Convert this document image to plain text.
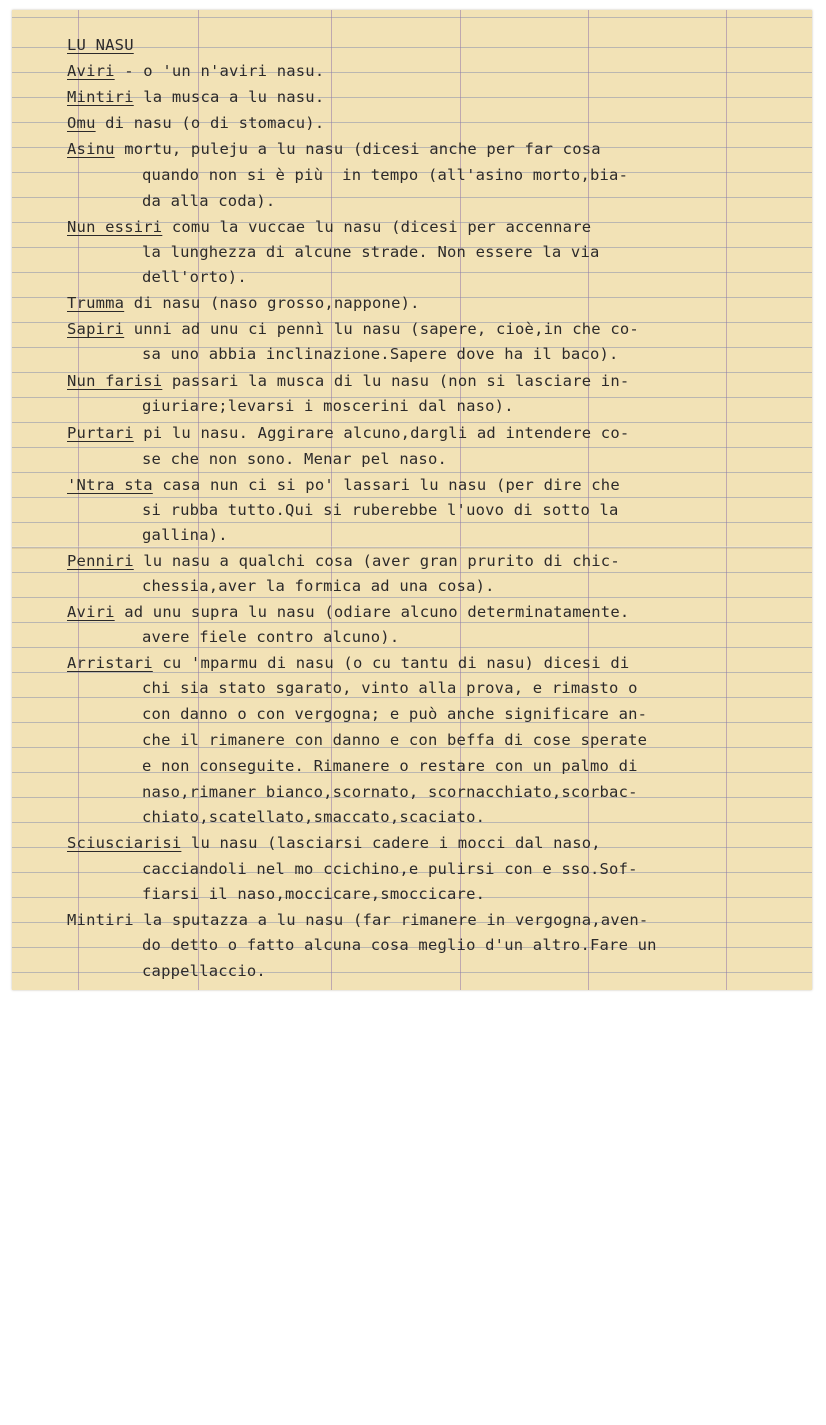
LU NASU
Aviri - o 'un n'aviri nasu.
Mintiri la musca a lu nasu.
Omu di nasu (o di stomacu).
Asinu mortu, puleju a lu nasu (dicesi anche per far cosa
quando non si è più  in tempo (all'asino morto,bia-
da alla coda).
Nun essiri comu la vuccae lu nasu (dicesi per accennare
la lunghezza di alcune strade. Non essere la via
dell'orto).
Trumma di nasu (naso grosso,nappone).
Sapiri unni ad unu ci pennì lu nasu (sapere, cioè,in che co-
sa uno abbia inclinazione.Sapere dove ha il baco).
Nun farisi passari la musca di lu nasu (non si lasciare in-
giuriare;levarsi i moscerini dal naso).
Purtari pi lu nasu. Aggirare alcuno,dargli ad intendere co-
se che non sono. Menar pel naso.
'Ntra sta casa nun ci si po' lassari lu nasu (per dire che
si rubba tutto.Qui si ruberebbe l'uovo di sotto la
gallina).
Penniri lu nasu a qualchi cosa (aver gran prurito di chic-
chessia,aver la formica ad una cosa).
Aviri ad unu supra lu nasu (odiare alcuno determinatamente.
avere fiele contro alcuno).
Arristari cu 'mparmu di nasu (o cu tantu di nasu) dicesi di
chi sia stato sgarato, vinto alla prova, e rimasto o
con danno o con vergogna; e può anche significare an-
che il rimanere con danno e con beffa di cose sperate
e non conseguite. Rimanere o restare con un palmo di
naso,rimaner bianco,scornato, scornacchiato,scorbac-
chiato,scatellato,smaccato,scaciato.
Sciusciarisi lu nasu (lasciarsi cadere i mocci dal naso,
cacciandoli nel mo ccichino,e pulirsi con e sso.Sof-
fiarsi il naso,moccicare,smoccicare.
Mintiri la sputazza a lu nasu (far rimanere in vergogna,aven-
do detto o fatto alcuna cosa meglio d'un altro.Fare un
cappellaccio.
